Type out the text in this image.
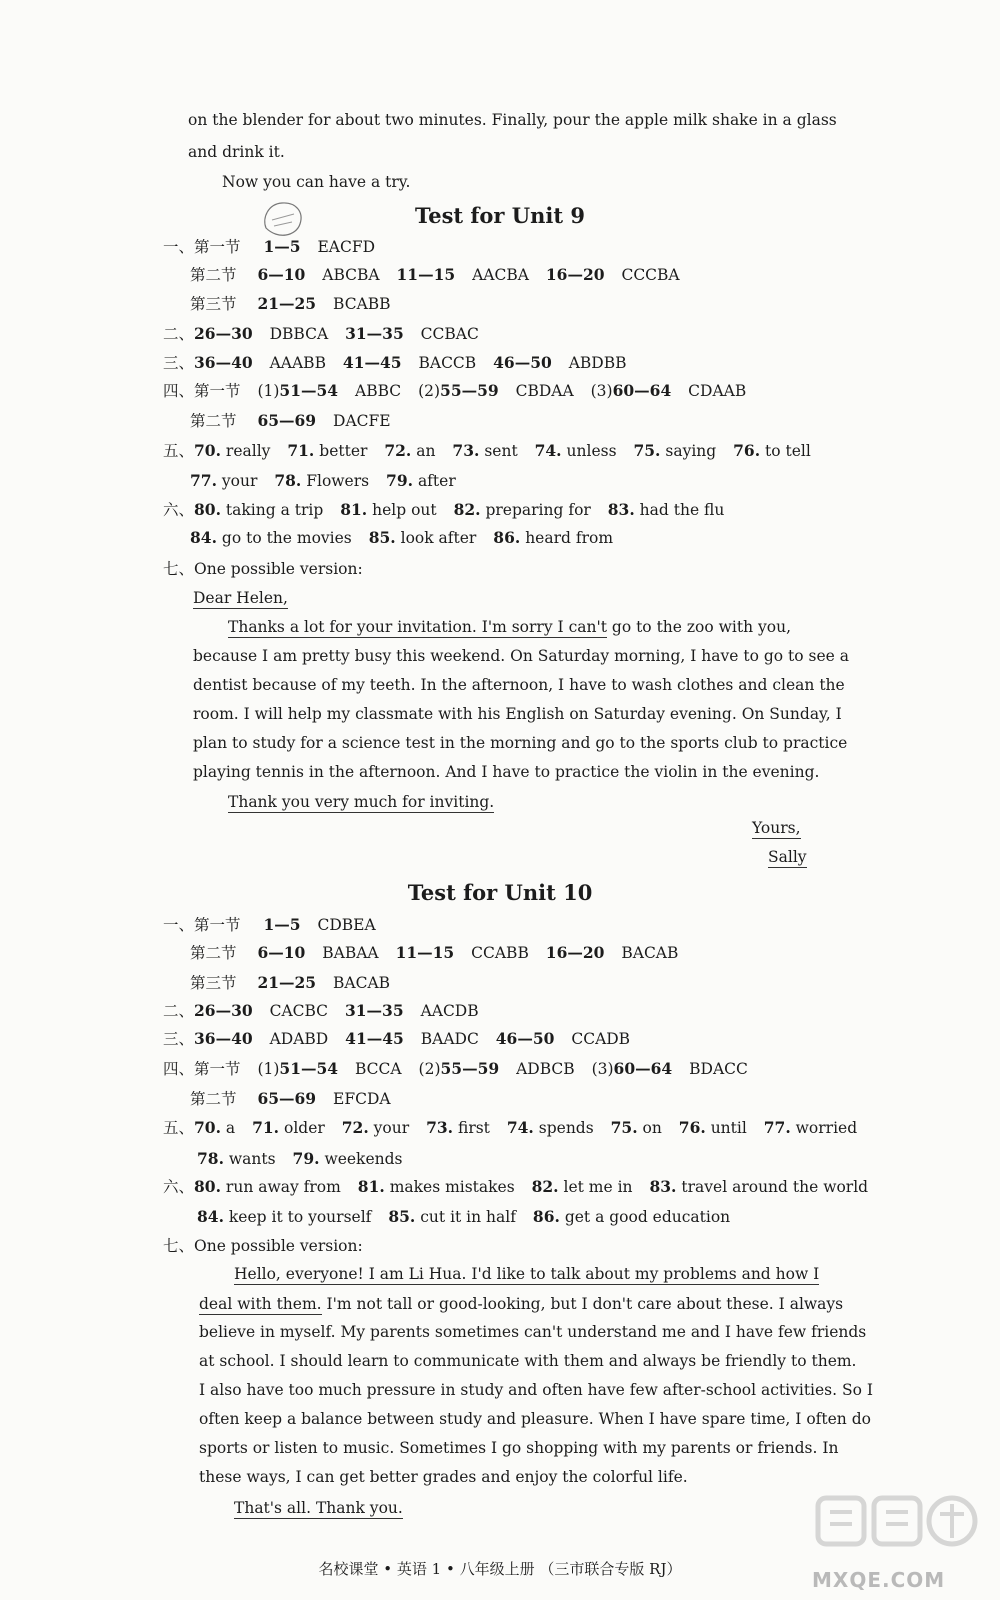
on the blender for about two minutes. Finally, pour the apple milk shake in a glass
and drink it.
Now you can have a try.
Test for Unit 9
一、第一节 1—5 EACFD
第二节 6—10 ABCBA 11—15 AACBA 16—20 CCCBA
第三节 21—25 BCABB
二、26—30 DBBCA 31—35 CCBAC
三、36—40 AAABB 41—45 BACCB 46—50 ABDBB
四、第一节 (1)51—54 ABBC (2)55—59 CBDAA (3)60—64 CDAAB
第二节 65—69 DACFE
五、70. really 71. better 72. an 73. sent 74. unless 75. saying 76. to tell
77. your 78. Flowers 79. after
六、80. taking a trip 81. help out 82. preparing for 83. had the flu
84. go to the movies 85. look after 86. heard from
七、One possible version:
Dear Helen,
Thanks a lot for your invitation. I'm sorry I can't go to the zoo with you,
because I am pretty busy this weekend. On Saturday morning, I have to go to see a
dentist because of my teeth. In the afternoon, I have to wash clothes and clean the
room. I will help my classmate with his English on Saturday evening. On Sunday, I
plan to study for a science test in the morning and go to the sports club to practice
playing tennis in the afternoon. And I have to practice the violin in the evening.
Thank you very much for inviting.
Yours,
Sally
Test for Unit 10
一、第一节 1—5 CDBEA
第二节 6—10 BABAA 11—15 CCABB 16—20 BACAB
第三节 21—25 BACAB
二、26—30 CACBC 31—35 AACDB
三、36—40 ADABD 41—45 BAADC 46—50 CCADB
四、第一节 (1)51—54 BCCA (2)55—59 ADBCB (3)60—64 BDACC
第二节 65—69 EFCDA
五、70. a 71. older 72. your 73. first 74. spends 75. on 76. until 77. worried
78. wants 79. weekends
六、80. run away from 81. makes mistakes 82. let me in 83. travel around the world
84. keep it to yourself 85. cut it in half 86. get a good education
七、One possible version:
Hello, everyone! I am Li Hua. I'd like to talk about my problems and how I
deal with them. I'm not tall or good-looking, but I don't care about these. I always
believe in myself. My parents sometimes can't understand me and I have few friends
at school. I should learn to communicate with them and always be friendly to them.
I also have too much pressure in study and often have few after-school activities. So I
often keep a balance between study and pleasure. When I have spare time, I often do
sports or listen to music. Sometimes I go shopping with my parents or friends. In
these ways, I can get better grades and enjoy the colorful life.
That's all. Thank you.
MXQE.COM
名校课堂 • 英语 1 • 八年级上册 （三市联合专版 RJ）
